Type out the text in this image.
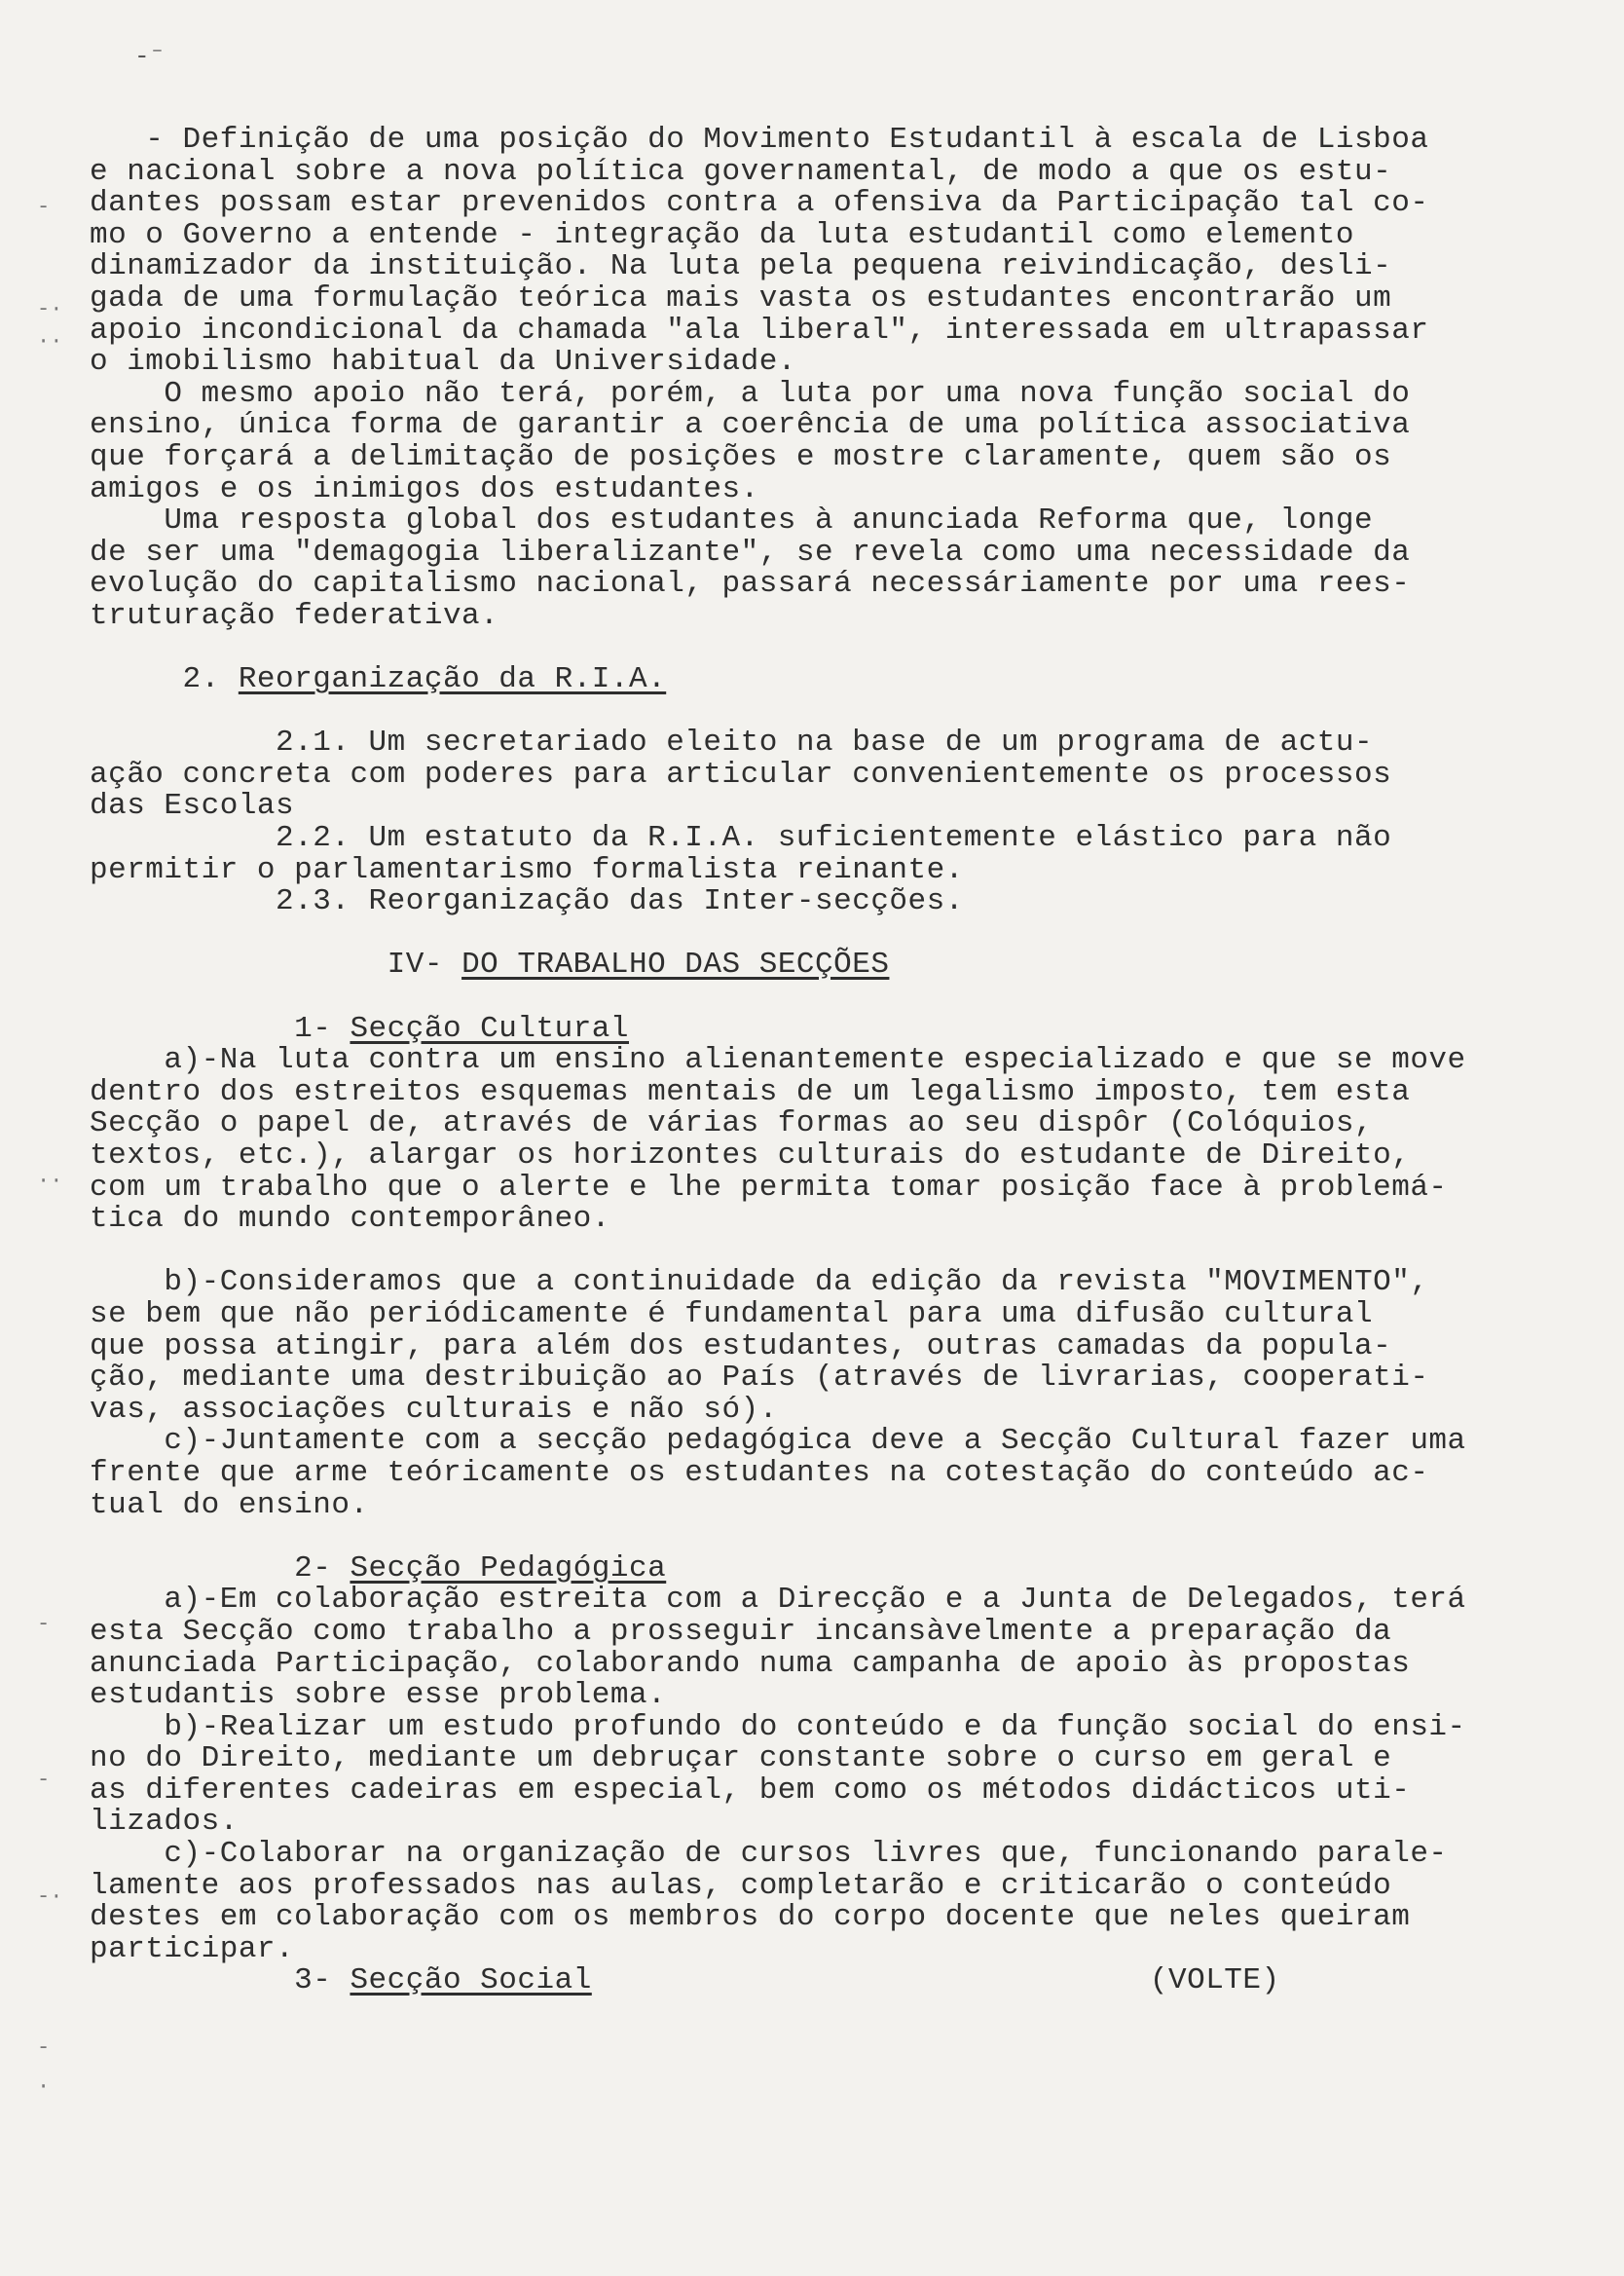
-⁻
-
-·
··
··
-
-
-·
-
·
- Definição de uma posição do Movimento Estudantil à escala de Lisboa
e nacional sobre a nova política governamental, de modo a que os estu-
dantes possam estar prevenidos contra a ofensiva da Participação tal co-
mo o Governo a entende - integração da luta estudantil como elemento
dinamizador da instituição. Na luta pela pequena reivindicação, desli-
gada de uma formulação teórica mais vasta os estudantes encontrarão um
apoio incondicional da chamada "ala liberal", interessada em ultrapassar
o imobilismo habitual da Universidade.
O mesmo apoio não terá, porém, a luta por uma nova função social do
ensino, única forma de garantir a coerência de uma política associativa
que forçará a delimitação de posições e mostre claramente, quem são os
amigos e os inimigos dos estudantes.
Uma resposta global dos estudantes à anunciada Reforma que, longe
de ser uma "demagogia liberalizante", se revela como uma necessidade da
evolução do capitalismo nacional, passará necessáriamente por uma rees-
truturação federativa.
2. Reorganização da R.I.A.
2.1. Um secretariado eleito na base de um programa de actu-
ação concreta com poderes para articular convenientemente os processos
das Escolas
2.2. Um estatuto da R.I.A. suficientemente elástico para não
permitir o parlamentarismo formalista reinante.
2.3. Reorganização das Inter-secções.
IV- DO TRABALHO DAS SECÇÕES
1- Secção Cultural
a)-Na luta contra um ensino alienantemente especializado e que se move
dentro dos estreitos esquemas mentais de um legalismo imposto, tem esta
Secção o papel de, através de várias formas ao seu dispôr (Colóquios,
textos, etc.), alargar os horizontes culturais do estudante de Direito,
com um trabalho que o alerte e lhe permita tomar posição face à problemá-
tica do mundo contemporâneo.
b)-Consideramos que a continuidade da edição da revista "MOVIMENTO",
se bem que não periódicamente é fundamental para uma difusão cultural
que possa atingir, para além dos estudantes, outras camadas da popula-
ção, mediante uma destribuição ao País (através de livrarias, cooperati-
vas, associações culturais e não só).
c)-Juntamente com a secção pedagógica deve a Secção Cultural fazer uma
frente que arme teóricamente os estudantes na cotestação do conteúdo ac-
tual do ensino.
2- Secção Pedagógica
a)-Em colaboração estreita com a Direcção e a Junta de Delegados, terá
esta Secção como trabalho a prosseguir incansàvelmente a preparação da
anunciada Participação, colaborando numa campanha de apoio às propostas
estudantis sobre esse problema.
b)-Realizar um estudo profundo do conteúdo e da função social do ensi-
no do Direito, mediante um debruçar constante sobre o curso em geral e
as diferentes cadeiras em especial, bem como os métodos didácticos uti-
lizados.
c)-Colaborar na organização de cursos livres que, funcionando parale-
lamente aos professados nas aulas, completarão e criticarão o conteúdo
destes em colaboração com os membros do corpo docente que neles queiram
participar.
3- Secção Social                              (VOLTE)
